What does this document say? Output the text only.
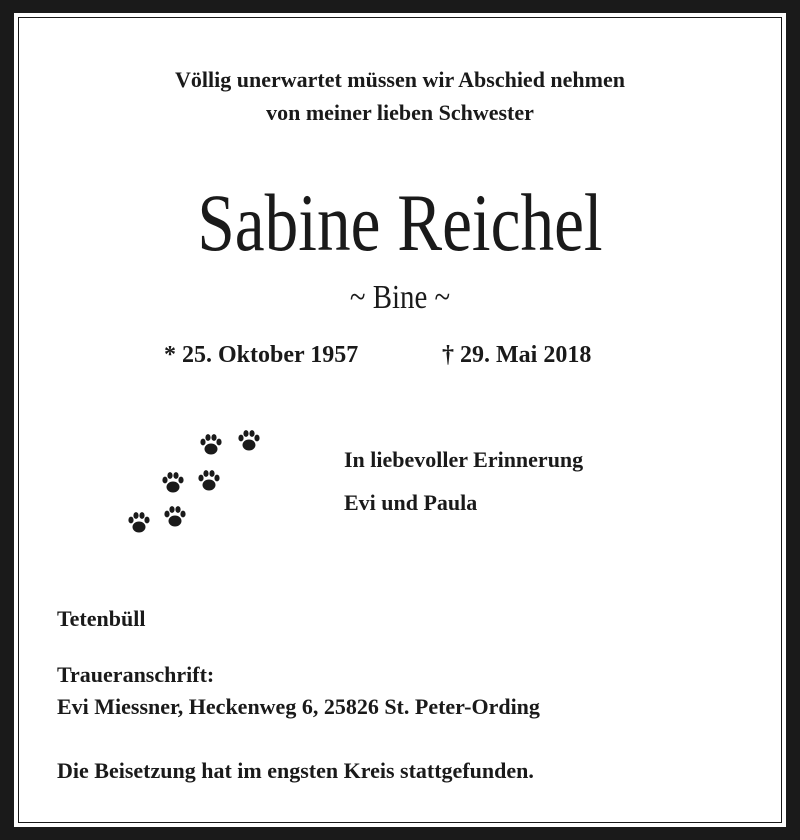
Völlig unerwartet müssen wir Abschied nehmen
von meiner lieben Schwester
Sabine Reichel
~ Bine ~
* 25. Oktober 1957	† 29. Mai 2018
In liebevoller Erinnerung
Evi und Paula
Tetenbüll
Traueranschrift:
Evi Miessner, Heckenweg 6, 25826 St. Peter-Ording
Die Beisetzung hat im engsten Kreis stattgefunden.
